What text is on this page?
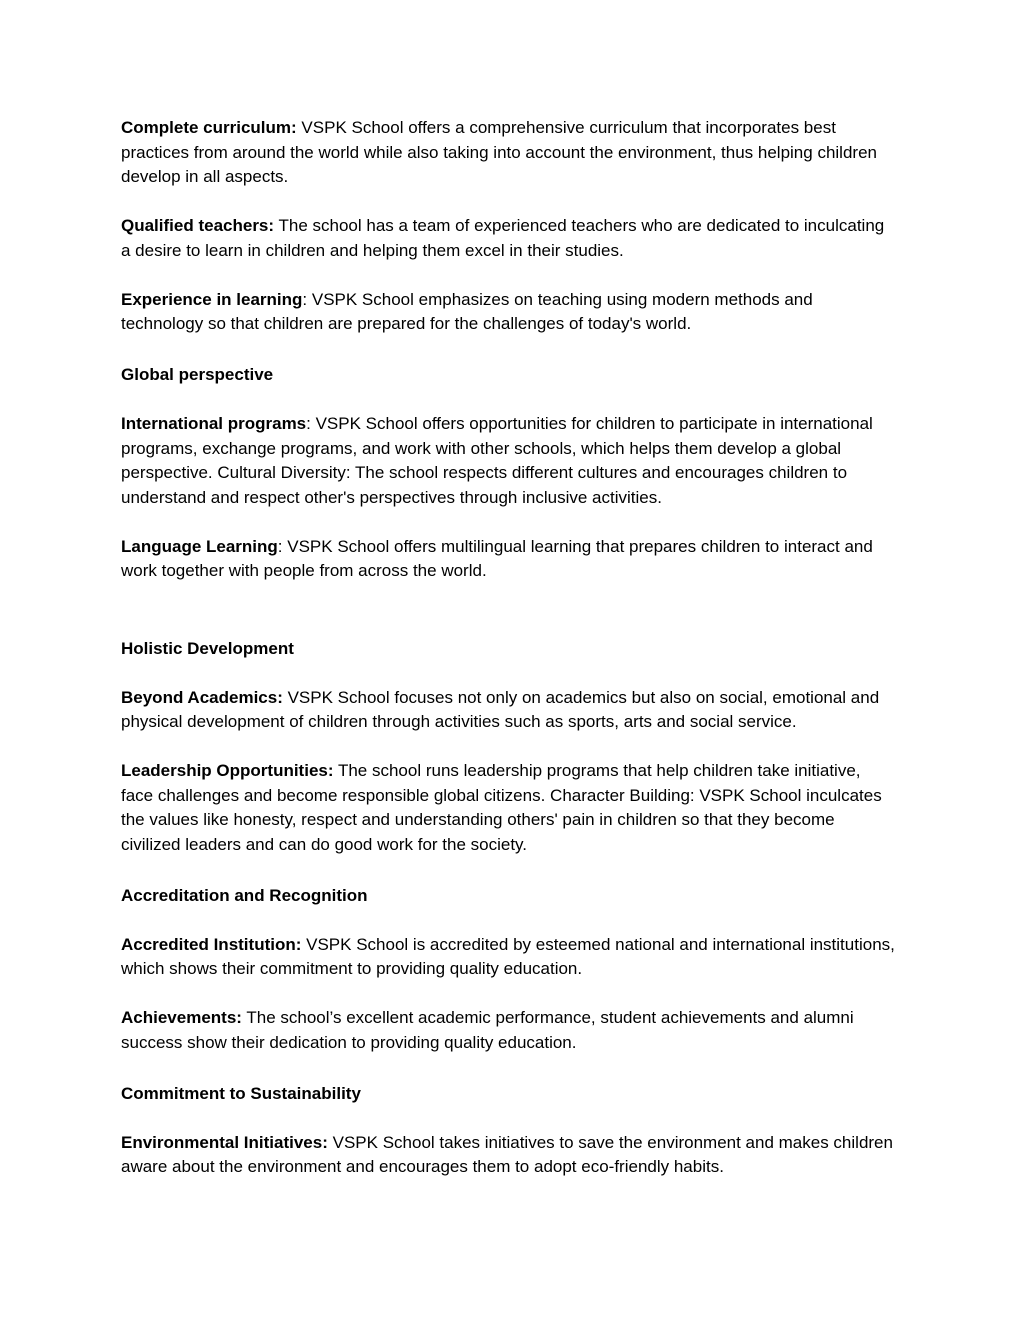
Complete curriculum: VSPK School offers a comprehensive curriculum that incorporates best practices from around the world while also taking into account the environment, thus helping children develop in all aspects.

Qualified teachers: The school has a team of experienced teachers who are dedicated to inculcating a desire to learn in children and helping them excel in their studies.

Experience in learning: VSPK School emphasizes on teaching using modern methods and technology so that children are prepared for the challenges of today's world.

Global perspective

International programs: VSPK School offers opportunities for children to participate in international programs, exchange programs, and work with other schools, which helps them develop a global perspective. Cultural Diversity: The school respects different cultures and encourages children to understand and respect other's perspectives through inclusive activities.

Language Learning: VSPK School offers multilingual learning that prepares children to interact and work together with people from across the world.

Holistic Development

Beyond Academics: VSPK School focuses not only on academics but also on social, emotional and physical development of children through activities such as sports, arts and social service.

Leadership Opportunities: The school runs leadership programs that help children take initiative, face challenges and become responsible global citizens. Character Building: VSPK School inculcates the values like honesty, respect and understanding others' pain in children so that they become civilized leaders and can do good work for the society.

Accreditation and Recognition

Accredited Institution: VSPK School is accredited by esteemed national and international institutions, which shows their commitment to providing quality education.

Achievements: The school’s excellent academic performance, student achievements and alumni success show their dedication to providing quality education.

Commitment to Sustainability

Environmental Initiatives: VSPK School takes initiatives to save the environment and makes children aware about the environment and encourages them to adopt eco-friendly habits.
